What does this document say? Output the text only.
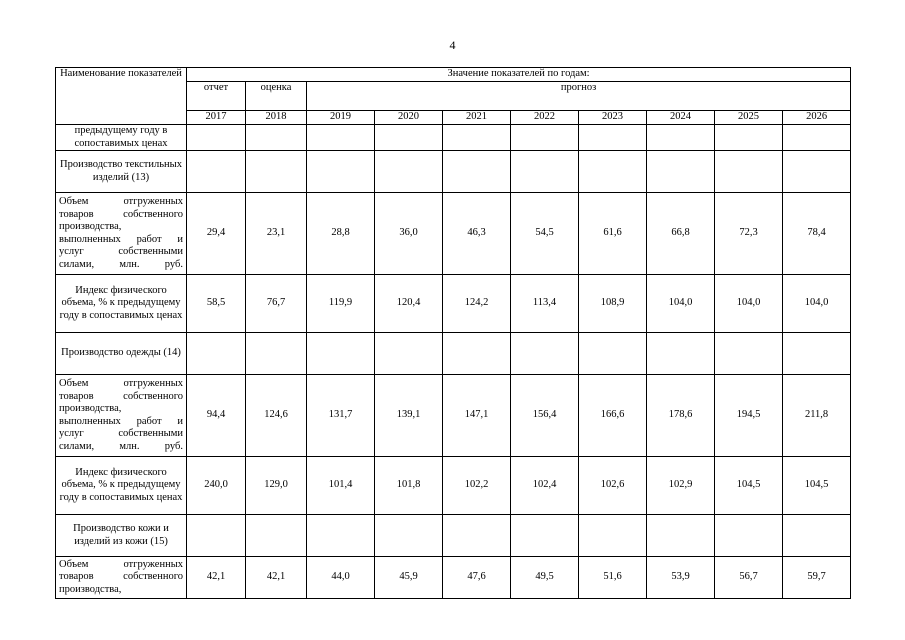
4
Наименование показателей	Значение показателей по годам:									
	отчет	оценка	прогноз							
	2017	2018	2019	2020	2021	2022	2023	2024	2025	2026
предыдущему году в сопоставимых ценах										
Производство текстильных изделий (13)										
Объем отгруженных товаров собственного производства, выполненных работ и услуг собственными силами, млн. руб.	29,4	23,1	28,8	36,0	46,3	54,5	61,6	66,8	72,3	78,4
Индекс физического объема, % к предыдущему году в сопоставимых ценах	58,5	76,7	119,9	120,4	124,2	113,4	108,9	104,0	104,0	104,0
Производство одежды (14)										
Объем отгруженных товаров собственного производства, выполненных работ и услуг собственными силами, млн. руб.	94,4	124,6	131,7	139,1	147,1	156,4	166,6	178,6	194,5	211,8
Индекс физического объема, % к предыдущему году в сопоставимых ценах	240,0	129,0	101,4	101,8	102,2	102,4	102,6	102,9	104,5	104,5
Производство кожи и изделий из кожи (15)										
Объем отгруженных товаров собственного производства,	42,1	42,1	44,0	45,9	47,6	49,5	51,6	53,9	56,7	59,7
